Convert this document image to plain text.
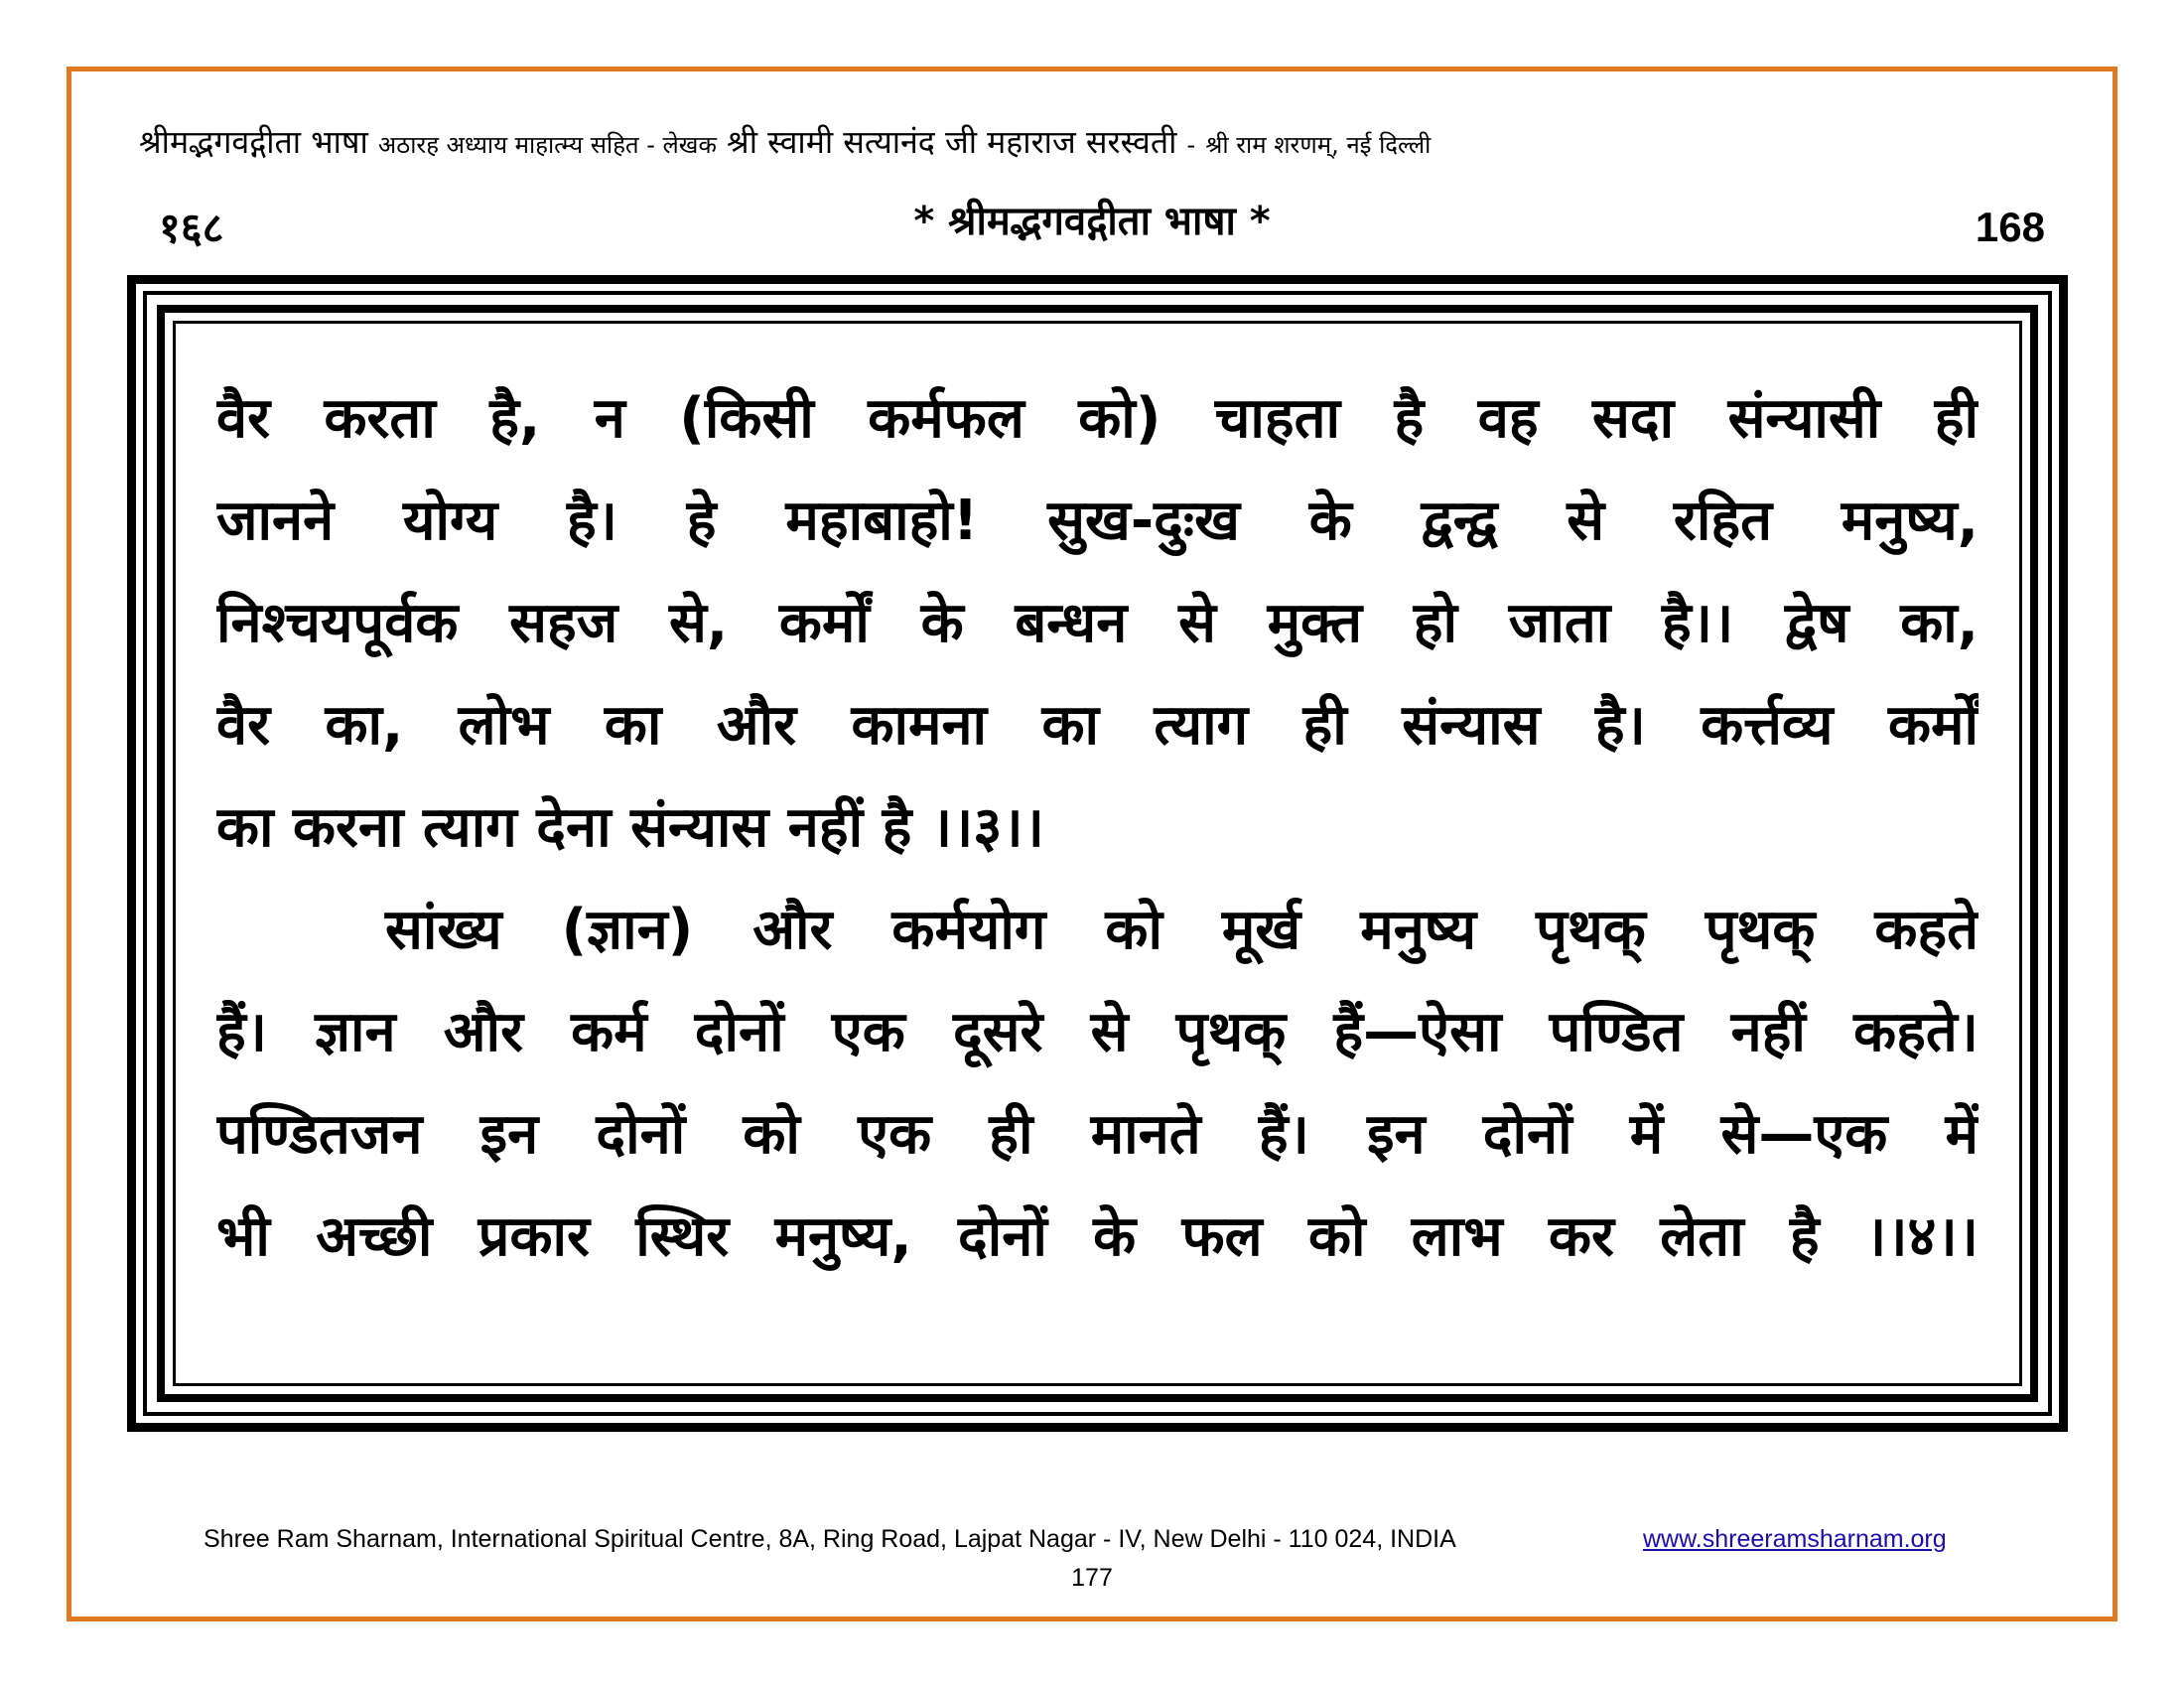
श्रीमद्भगवद्गीता भाषा अठारह अध्याय माहात्म्य सहित - लेखक श्री स्वामी सत्यानंद जी महाराज सरस्वती - श्री राम शरणम्, नई दिल्ली
१६८	* श्रीमद्भगवद्गीता भाषा *	168
वैर करता है, न (किसी कर्मफल को) चाहता है वह सदा संन्यासी ही
जानने योग्य है। हे महाबाहो! सुख-दुःख के द्वन्द्व से रहित मनुष्य,
निश्चयपूर्वक सहज से, कर्मों के बन्धन से मुक्त हो जाता है।। द्वेष का,
वैर का, लोभ का और कामना का त्याग ही संन्यास है। कर्त्तव्य कर्मों
का करना त्याग देना संन्यास नहीं है ।।३।।
सांख्य (ज्ञान) और कर्मयोग को मूर्ख मनुष्य पृथक् पृथक् कहते
हैं। ज्ञान और कर्म दोनों एक दूसरे से पृथक् हैं—ऐसा पण्डित नहीं कहते।
पण्डितजन इन दोनों को एक ही मानते हैं। इन दोनों में से—एक में
भी अच्छी प्रकार स्थिर मनुष्य, दोनों के फल को लाभ कर लेता है ।।४।।
Shree Ram Sharnam, International Spiritual Centre, 8A, Ring Road, Lajpat Nagar - IV, New Delhi - 110 024, INDIA	www.shreeramsharnam.org
177
